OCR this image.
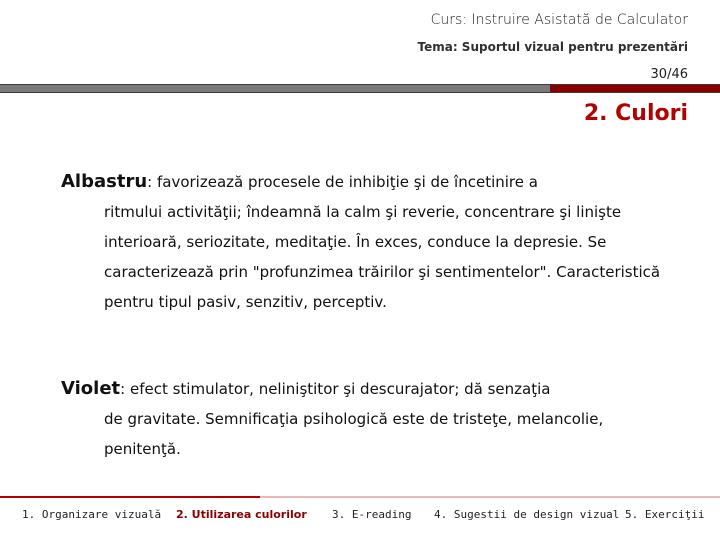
Curs: Instruire Asistată de Calculator
Tema: Suportul vizual pentru prezentări
30/46
2. Culori
Albastru: favorizează procesele de inhibiţie şi de încetinire a
ritmului activităţii; îndeamnă la calm şi reverie, concentrare şi linişte interioară, seriozitate, meditaţie. În exces, conduce la depresie. Se caracterizează prin "profunzimea trăirilor şi sentimentelor". Caracteristică pentru tipul pasiv, senzitiv, perceptiv.
Violet: efect stimulator, neliniştitor şi descurajator; dă senzaţia
de gravitate. Semnificaţia psihologică este de tristeţe, melancolie, penitenţă.
1. Organizare vizuală 2. Utilizarea culorilor 3. E-reading 4. Sugestii de design vizual 5. Exerciţii
